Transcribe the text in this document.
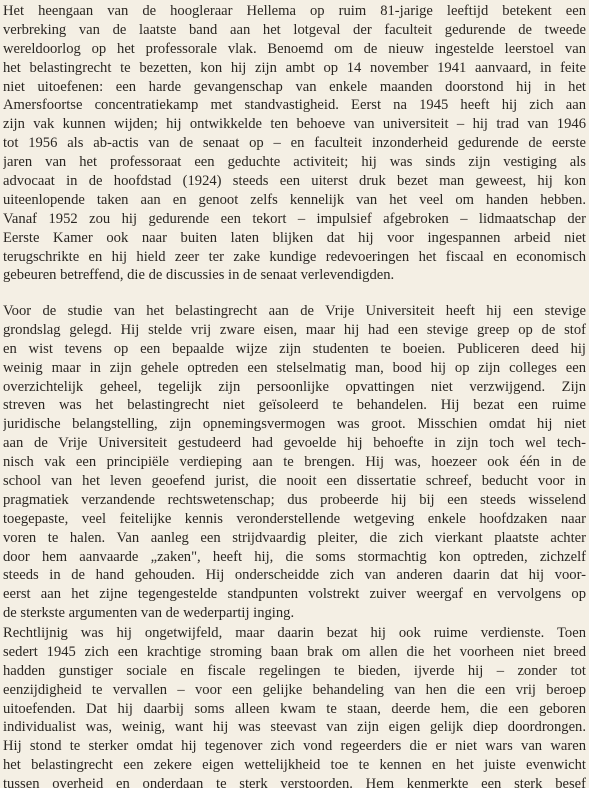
Het heengaan van de hoogleraar Hellema op ruim 81-jarige leeftijd betekent een
verbreking van de laatste band aan het lotgeval der faculteit gedurende de tweede
wereldoorlog op het professorale vlak. Benoemd om de nieuw ingestelde leerstoel van
het belastingrecht te bezetten, kon hij zijn ambt op 14 november 1941 aanvaard, in feite
niet uitoefenen: een harde gevangenschap van enkele maanden doorstond hij in het
Amersfoortse concentratiekamp met standvastigheid. Eerst na 1945 heeft hij zich aan
zijn vak kunnen wijden; hij ontwikkelde ten behoeve van universiteit – hij trad van 1946
tot 1956 als ab-actis van de senaat op – en faculteit inzonderheid gedurende de eerste
jaren van het professoraat een geduchte activiteit; hij was sinds zijn vestiging als
advocaat in de hoofdstad (1924) steeds een uiterst druk bezet man geweest, hij kon
uiteenlopende taken aan en genoot zelfs kennelijk van het veel om handen hebben.
Vanaf 1952 zou hij gedurende een tekort – impulsief afgebroken – lidmaatschap der
Eerste Kamer ook naar buiten laten blijken dat hij voor ingespannen arbeid niet
terugschrikte en hij hield zeer ter zake kundige redevoeringen het fiscaal en economisch
gebeuren betreffend, die de discussies in de senaat verlevendigden.
Voor de studie van het belastingrecht aan de Vrije Universiteit heeft hij een stevige
grondslag gelegd. Hij stelde vrij zware eisen, maar hij had een stevige greep op de stof
en wist tevens op een bepaalde wijze zijn studenten te boeien. Publiceren deed hij
weinig maar in zijn gehele optreden een stelselmatig man, bood hij op zijn colleges een
overzichtelijk geheel, tegelijk zijn persoonlijke opvattingen niet verzwijgend. Zijn
streven was het belastingrecht niet geïsoleerd te behandelen. Hij bezat een ruime
juridische belangstelling, zijn opnemingsvermogen was groot. Misschien omdat hij niet
aan de Vrije Universiteit gestudeerd had gevoelde hij behoefte in zijn toch wel tech-
nisch vak een principiële verdieping aan te brengen. Hij was, hoezeer ook één in de
school van het leven geoefend jurist, die nooit een dissertatie schreef, beducht voor in
pragmatiek verzandende rechtswetenschap; dus probeerde hij bij een steeds wisselend
toegepaste, veel feitelijke kennis veronderstellende wetgeving enkele hoofdzaken naar
voren te halen. Van aanleg een strijdvaardig pleiter, die zich vierkant plaatste achter
door hem aanvaarde „zaken", heeft hij, die soms stormachtig kon optreden, zichzelf
steeds in de hand gehouden. Hij onderscheidde zich van anderen daarin dat hij voor-
eerst aan het zijne tegengestelde standpunten volstrekt zuiver weergaf en vervolgens op
de sterkste argumenten van de wederpartij inging.
Rechtlijnig was hij ongetwijfeld, maar daarin bezat hij ook ruime verdienste. Toen
sedert 1945 zich een krachtige stroming baan brak om allen die het voorheen niet breed
hadden gunstiger sociale en fiscale regelingen te bieden, ijverde hij – zonder tot
eenzijdigheid te vervallen – voor een gelijke behandeling van hen die een vrij beroep
uitoefenden. Dat hij daarbij soms alleen kwam te staan, deerde hem, die een geboren
individualist was, weinig, want hij was steevast van zijn eigen gelijk diep doordrongen.
Hij stond te sterker omdat hij tegenover zich vond regeerders die er niet wars van waren
het belastingrecht een zekere eigen wettelijkheid toe te kennen en het juiste evenwicht
tussen overheid en onderdaan te sterk verstoorden. Hem kenmerkte een sterk besef
